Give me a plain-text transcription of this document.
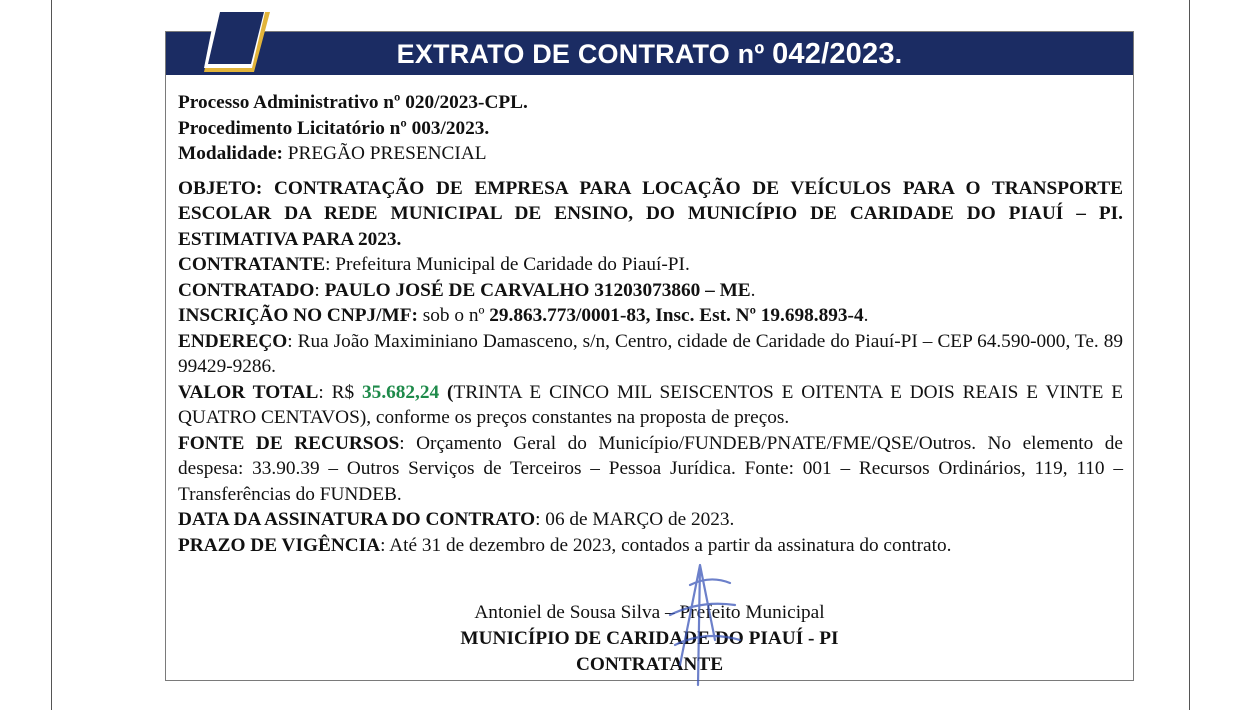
EXTRATO DE CONTRATO nº 042/2023.

Processo Administrativo nº 020/2023-CPL.

Procedimento Licitatório nº 003/2023.

Modalidade: PREGÃO PRESENCIAL

OBJETO: CONTRATAÇÃO DE EMPRESA PARA LOCAÇÃO DE VEÍCULOS PARA O TRANSPORTE ESCOLAR DA REDE MUNICIPAL DE ENSINO, DO MUNICÍPIO DE CARIDADE DO PIAUÍ – PI. ESTIMATIVA PARA 2023.

CONTRATANTE: Prefeitura Municipal de Caridade do Piauí-PI.

CONTRATADO: PAULO JOSÉ DE CARVALHO 31203073860 – ME.

INSCRIÇÃO NO CNPJ/MF: sob o nº 29.863.773/0001-83, Insc. Est. Nº 19.698.893-4.

ENDEREÇO: Rua João Maximiniano Damasceno, s/n, Centro, cidade de Caridade do Piauí-PI – CEP 64.590-000, Te. 89 99429-9286.

VALOR TOTAL: R$ 35.682,24 (TRINTA E CINCO MIL SEISCENTOS E OITENTA E DOIS REAIS E VINTE E QUATRO CENTAVOS), conforme os preços constantes na proposta de preços.

FONTE DE RECURSOS: Orçamento Geral do Município/FUNDEB/PNATE/FME/QSE/Outros. No elemento de despesa: 33.90.39 – Outros Serviços de Terceiros – Pessoa Jurídica. Fonte: 001 – Recursos Ordinários, 119, 110 – Transferências do FUNDEB.

DATA DA ASSINATURA DO CONTRATO: 06 de MARÇO de 2023.

PRAZO DE VIGÊNCIA: Até 31 de dezembro de 2023, contados a partir da assinatura do contrato.

Antoniel de Sousa Silva – Prefeito Municipal
MUNICÍPIO DE CARIDADE DO PIAUÍ - PI
CONTRATANTE
